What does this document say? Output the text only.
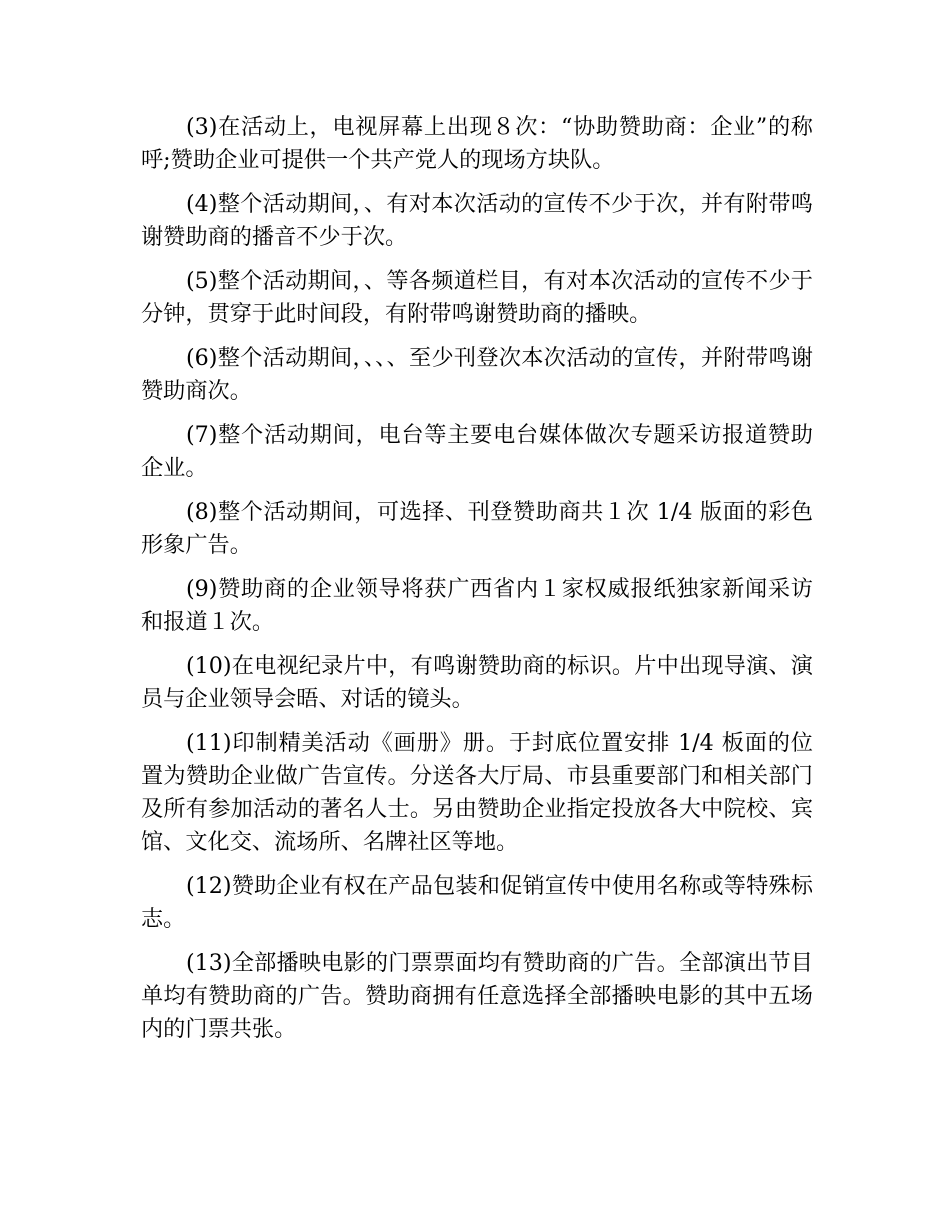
(3)在活动上，电视屏幕上出现８次：“协助赞助商：企业”的称呼;赞助企业可提供一个共产党人的现场方块队。

(4)整个活动期间，、有对本次活动的宣传不少于次，并有附带鸣谢赞助商的播音不少于次。

(5)整个活动期间，、等各频道栏目，有对本次活动的宣传不少于分钟，贯穿于此时间段，有附带鸣谢赞助商的播映。

(6)整个活动期间，、、、至少刊登次本次活动的宣传，并附带鸣谢赞助商次。

(7)整个活动期间，电台等主要电台媒体做次专题采访报道赞助企业。

(8)整个活动期间，可选择、刊登赞助商共１次 1/4 版面的彩色形象广告。

(9)赞助商的企业领导将获广西省内１家权威报纸独家新闻采访和报道１次。

(10)在电视纪录片中，有鸣谢赞助商的标识。片中出现导演、演员与企业领导会晤、对话的镜头。

(11)印制精美活动《画册》册。于封底位置安排 1/4 板面的位置为赞助企业做广告宣传。分送各大厅局、市县重要部门和相关部门及所有参加活动的著名人士。另由赞助企业指定投放各大中院校、宾馆、文化交、流场所、名牌社区等地。

(12)赞助企业有权在产品包装和促销宣传中使用名称或等特殊标志。

(13)全部播映电影的门票票面均有赞助商的广告。全部演出节目单均有赞助商的广告。赞助商拥有任意选择全部播映电影的其中五场内的门票共张。
